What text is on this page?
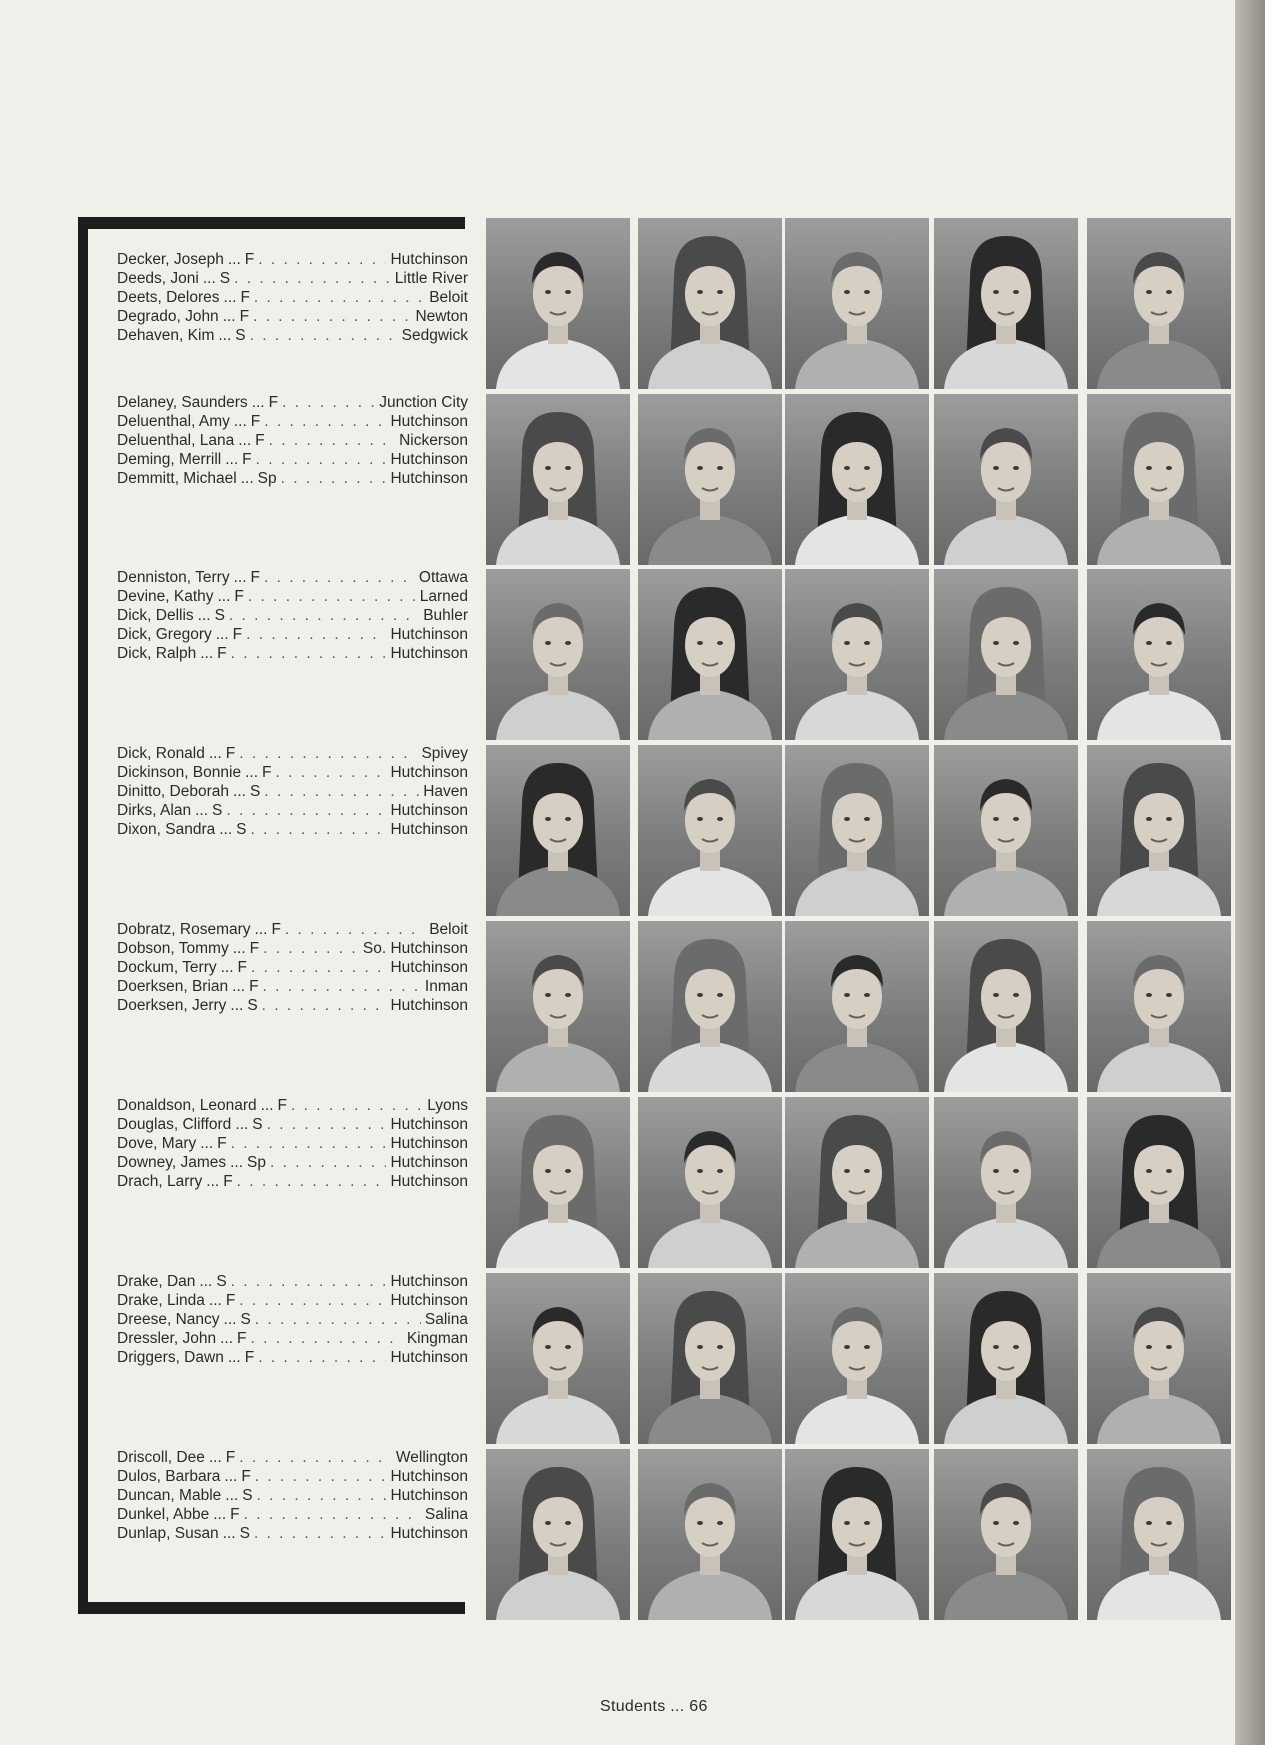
Decker, Joseph ... F . . .	Hutchinson
Deeds, Joni ... S . . .	Little River
Deets, Delores ... F . . .	Beloit
Degrado, John ... F . . .	Newton
Dehaven, Kim ... S . . .	Sedgwick
Delaney, Saunders ... F . . .	Junction City
Deluenthal, Amy ... F . . .	Hutchinson
Deluenthal, Lana ... F . . .	Nickerson
Deming, Merrill ... F . . .	Hutchinson
Demmitt, Michael ... Sp . . .	Hutchinson
Denniston, Terry ... F . . .	Ottawa
Devine, Kathy ... F . . .	Larned
Dick, Dellis ... S . . .	Buhler
Dick, Gregory ... F . . .	Hutchinson
Dick, Ralph ... F . . .	Hutchinson
Dick, Ronald ... F . . .	Spivey
Dickinson, Bonnie ... F . . .	Hutchinson
Dinitto, Deborah ... S . . .	Haven
Dirks, Alan ... S . . .	Hutchinson
Dixon, Sandra ... S . . .	Hutchinson
Dobratz, Rosemary ... F . . .	Beloit
Dobson, Tommy ... F . . .	So. Hutchinson
Dockum, Terry ... F . . .	Hutchinson
Doerksen, Brian ... F . . .	Inman
Doerksen, Jerry ... S . . .	Hutchinson
Donaldson, Leonard ... F . . .	Lyons
Douglas, Clifford ... S . . .	Hutchinson
Dove, Mary ... F . . .	Hutchinson
Downey, James ... Sp . . .	Hutchinson
Drach, Larry ... F . . .	Hutchinson
Drake, Dan ... S . . .	Hutchinson
Drake, Linda ... F . . .	Hutchinson
Dreese, Nancy ... S . . .	Salina
Dressler, John ... F . . .	Kingman
Driggers, Dawn ... F . . .	Hutchinson
Driscoll, Dee ... F . . .	Wellington
Dulos, Barbara ... F . . .	Hutchinson
Duncan, Mable ... S . . .	Hutchinson
Dunkel, Abbe ... F . . .	Salina
Dunlap, Susan ... S . . .	Hutchinson
Students ... 66
